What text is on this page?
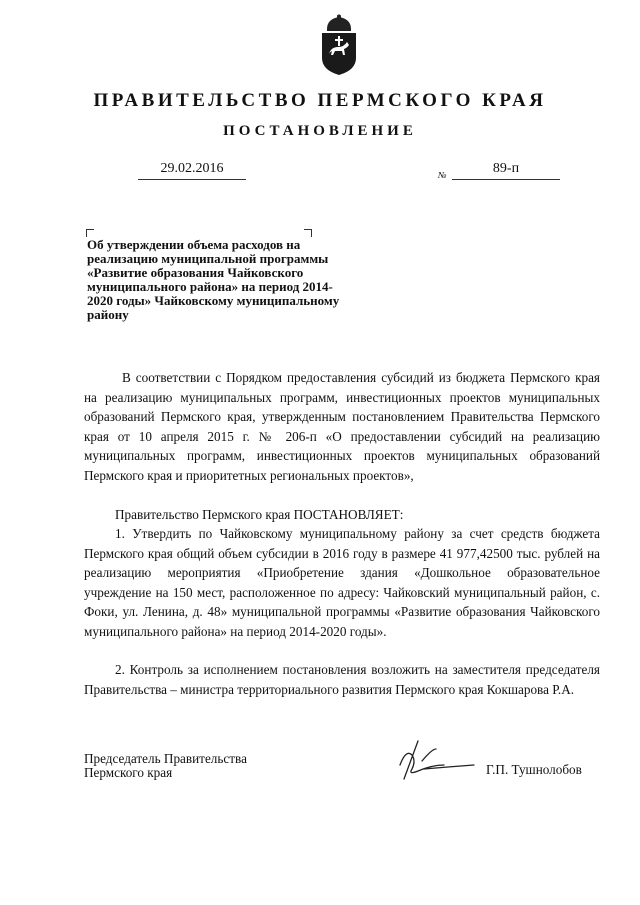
ПРАВИТЕЛЬСТВО ПЕРМСКОГО КРАЯ
ПОСТАНОВЛЕНИЕ
29.02.2016	№	89-п
Об утверждении объема расходов на реализацию муниципальной программы «Развитие образования Чайковского муниципального района» на период 2014-2020 годы» Чайковскому муниципальному району
В соответствии с Порядком предоставления субсидий из бюджета Пермского края на реализацию муниципальных программ, инвестиционных проектов муниципальных образований Пермского края, утвержденным постановлением Правительства Пермского края от 10 апреля 2015 г. № 206-п «О предоставлении субсидий на реализацию муниципальных программ, инвестиционных проектов муниципальных образований Пермского края и приоритетных региональных проектов»,
Правительство Пермского края ПОСТАНОВЛЯЕТ:
1. Утвердить по Чайковскому муниципальному району за счет средств бюджета Пермского края общий объем субсидии в 2016 году в размере 41 977,42500 тыс. рублей на реализацию мероприятия «Приобретение здания «Дошкольное образовательное учреждение на 150 мест, расположенное по адресу: Чайковский муниципальный район, с. Фоки, ул. Ленина, д. 48» муниципальной программы «Развитие образования Чайковского муниципального района» на период 2014-2020 годы».
2. Контроль за исполнением постановления возложить на заместителя председателя Правительства – министра территориального развития Пермского края Кокшарова Р.А.
Председатель Правительства
Пермского края	Г.П. Тушнолобов
